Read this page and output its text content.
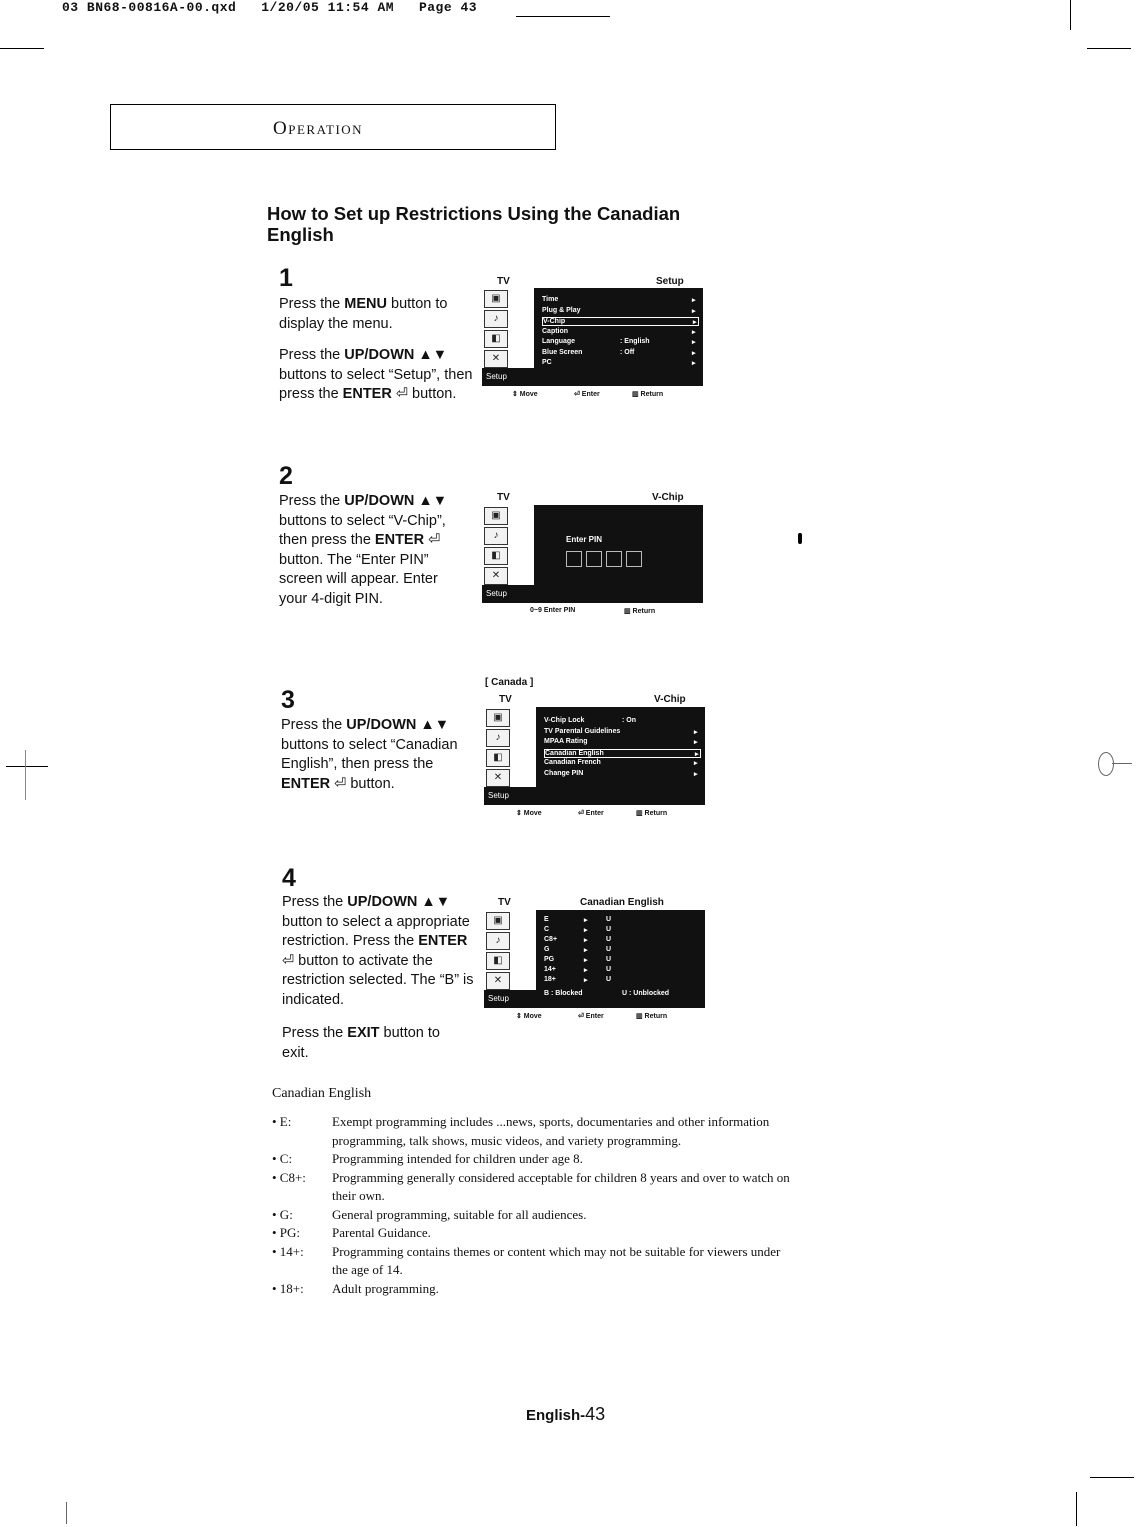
03 BN68-00816A-00.qxd   1/20/05 11:54 AM   Page 43
Operation
How to Set up Restrictions Using the Canadian English
1

Press the MENU button to display the menu.

Press the UP/DOWN ▲▼ buttons to select “Setup”, then press the ENTER ⏎ button.

TV	Setup
▣
♪
◧
✕
Setup
Time	▸
Plug & Play	▸
V-Chip	▸
Caption	▸
Language	: English	▸
Blue Screen	: Off	▸
PC	▸
⇕ Move	⏎ Enter	▥ Return
2

Press the UP/DOWN ▲▼ buttons to select “V-Chip”, then press the ENTER ⏎ button. The “Enter PIN” screen will appear. Enter your 4-digit PIN.

TV	V-Chip
▣
♪
◧
✕
Setup
Enter PIN
0~9 Enter PIN	▥ Return
[ Canada ]
3

Press the UP/DOWN ▲▼ buttons to select “Canadian English”, then press the ENTER ⏎ button.

TV	V-Chip
▣
♪
◧
✕
Setup
V-Chip Lock	: On
TV Parental Guidelines	▸
MPAA Rating	▸
Canadian English	▸
Canadian French	▸
Change PIN	▸
⇕ Move	⏎ Enter	▥ Return
4

Press the UP/DOWN ▲▼ button to select a appropriate restriction. Press the ENTER ⏎ button to activate the restriction selected. The “B” is indicated.

Press the EXIT button to exit.

TV	Canadian English
▣
♪
◧
✕
Setup
E	▸	U
C	▸	U
C8+	▸	U
G	▸	U
PG	▸	U
14+	▸	U
18+	▸	U
B : Blocked	U : Unblocked
⇕ Move	⏎ Enter	▥ Return
Canadian English
• E:	Exempt programming includes ...news, sports, documentaries and other information programming, talk shows, music videos, and variety programming.
• C:	Programming intended for children under age 8.
• C8+: Programming generally considered acceptable for children 8 years and over to watch on their own.
• G:	General programming, suitable for all audiences.
• PG: Parental Guidance.
• 14+: Programming contains themes or content which may not be suitable for viewers under the age of 14.
• 18+: Adult programming.
English-43
